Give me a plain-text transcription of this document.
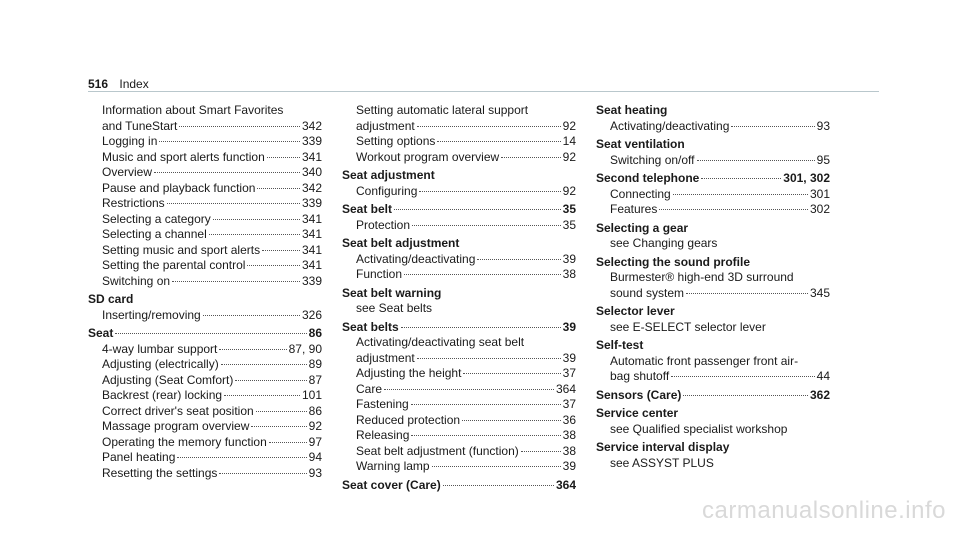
516 Index
Information about Smart Favorites
and TuneStart	342
Logging in	339
Music and sport alerts function	341
Overview	340
Pause and playback function	342
Restrictions	339
Selecting a category	341
Selecting a channel	341
Setting music and sport alerts	341
Setting the parental control	341
Switching on	339
SD card
Inserting/removing	326
Seat	86
4-way lumbar support	87, 90
Adjusting (electrically)	89
Adjusting (Seat Comfort)	87
Backrest (rear) locking	101
Correct driver's seat position	86
Massage program overview	92
Operating the memory function	97
Panel heating	94
Resetting the settings	93
Setting automatic lateral support
adjustment	92
Setting options	14
Workout program overview	92
Seat adjustment
Configuring	92
Seat belt	35
Protection	35
Seat belt adjustment
Activating/deactivating	39
Function	38
Seat belt warning
see Seat belts
Seat belts	39
Activating/deactivating seat belt
adjustment	39
Adjusting the height	37
Care	364
Fastening	37
Reduced protection	36
Releasing	38
Seat belt adjustment (function)	38
Warning lamp	39
Seat cover (Care)	364
Seat heating
Activating/deactivating	93
Seat ventilation
Switching on/off	95
Second telephone	301, 302
Connecting	301
Features	302
Selecting a gear
see Changing gears
Selecting the sound profile
Burmester® high-end 3D surround
sound system	345
Selector lever
see E-SELECT selector lever
Self-test
Automatic front passenger front air-
bag shutoff	44
Sensors (Care)	362
Service center
see Qualified specialist workshop
Service interval display
see ASSYST PLUS
carmanualsonline.info
